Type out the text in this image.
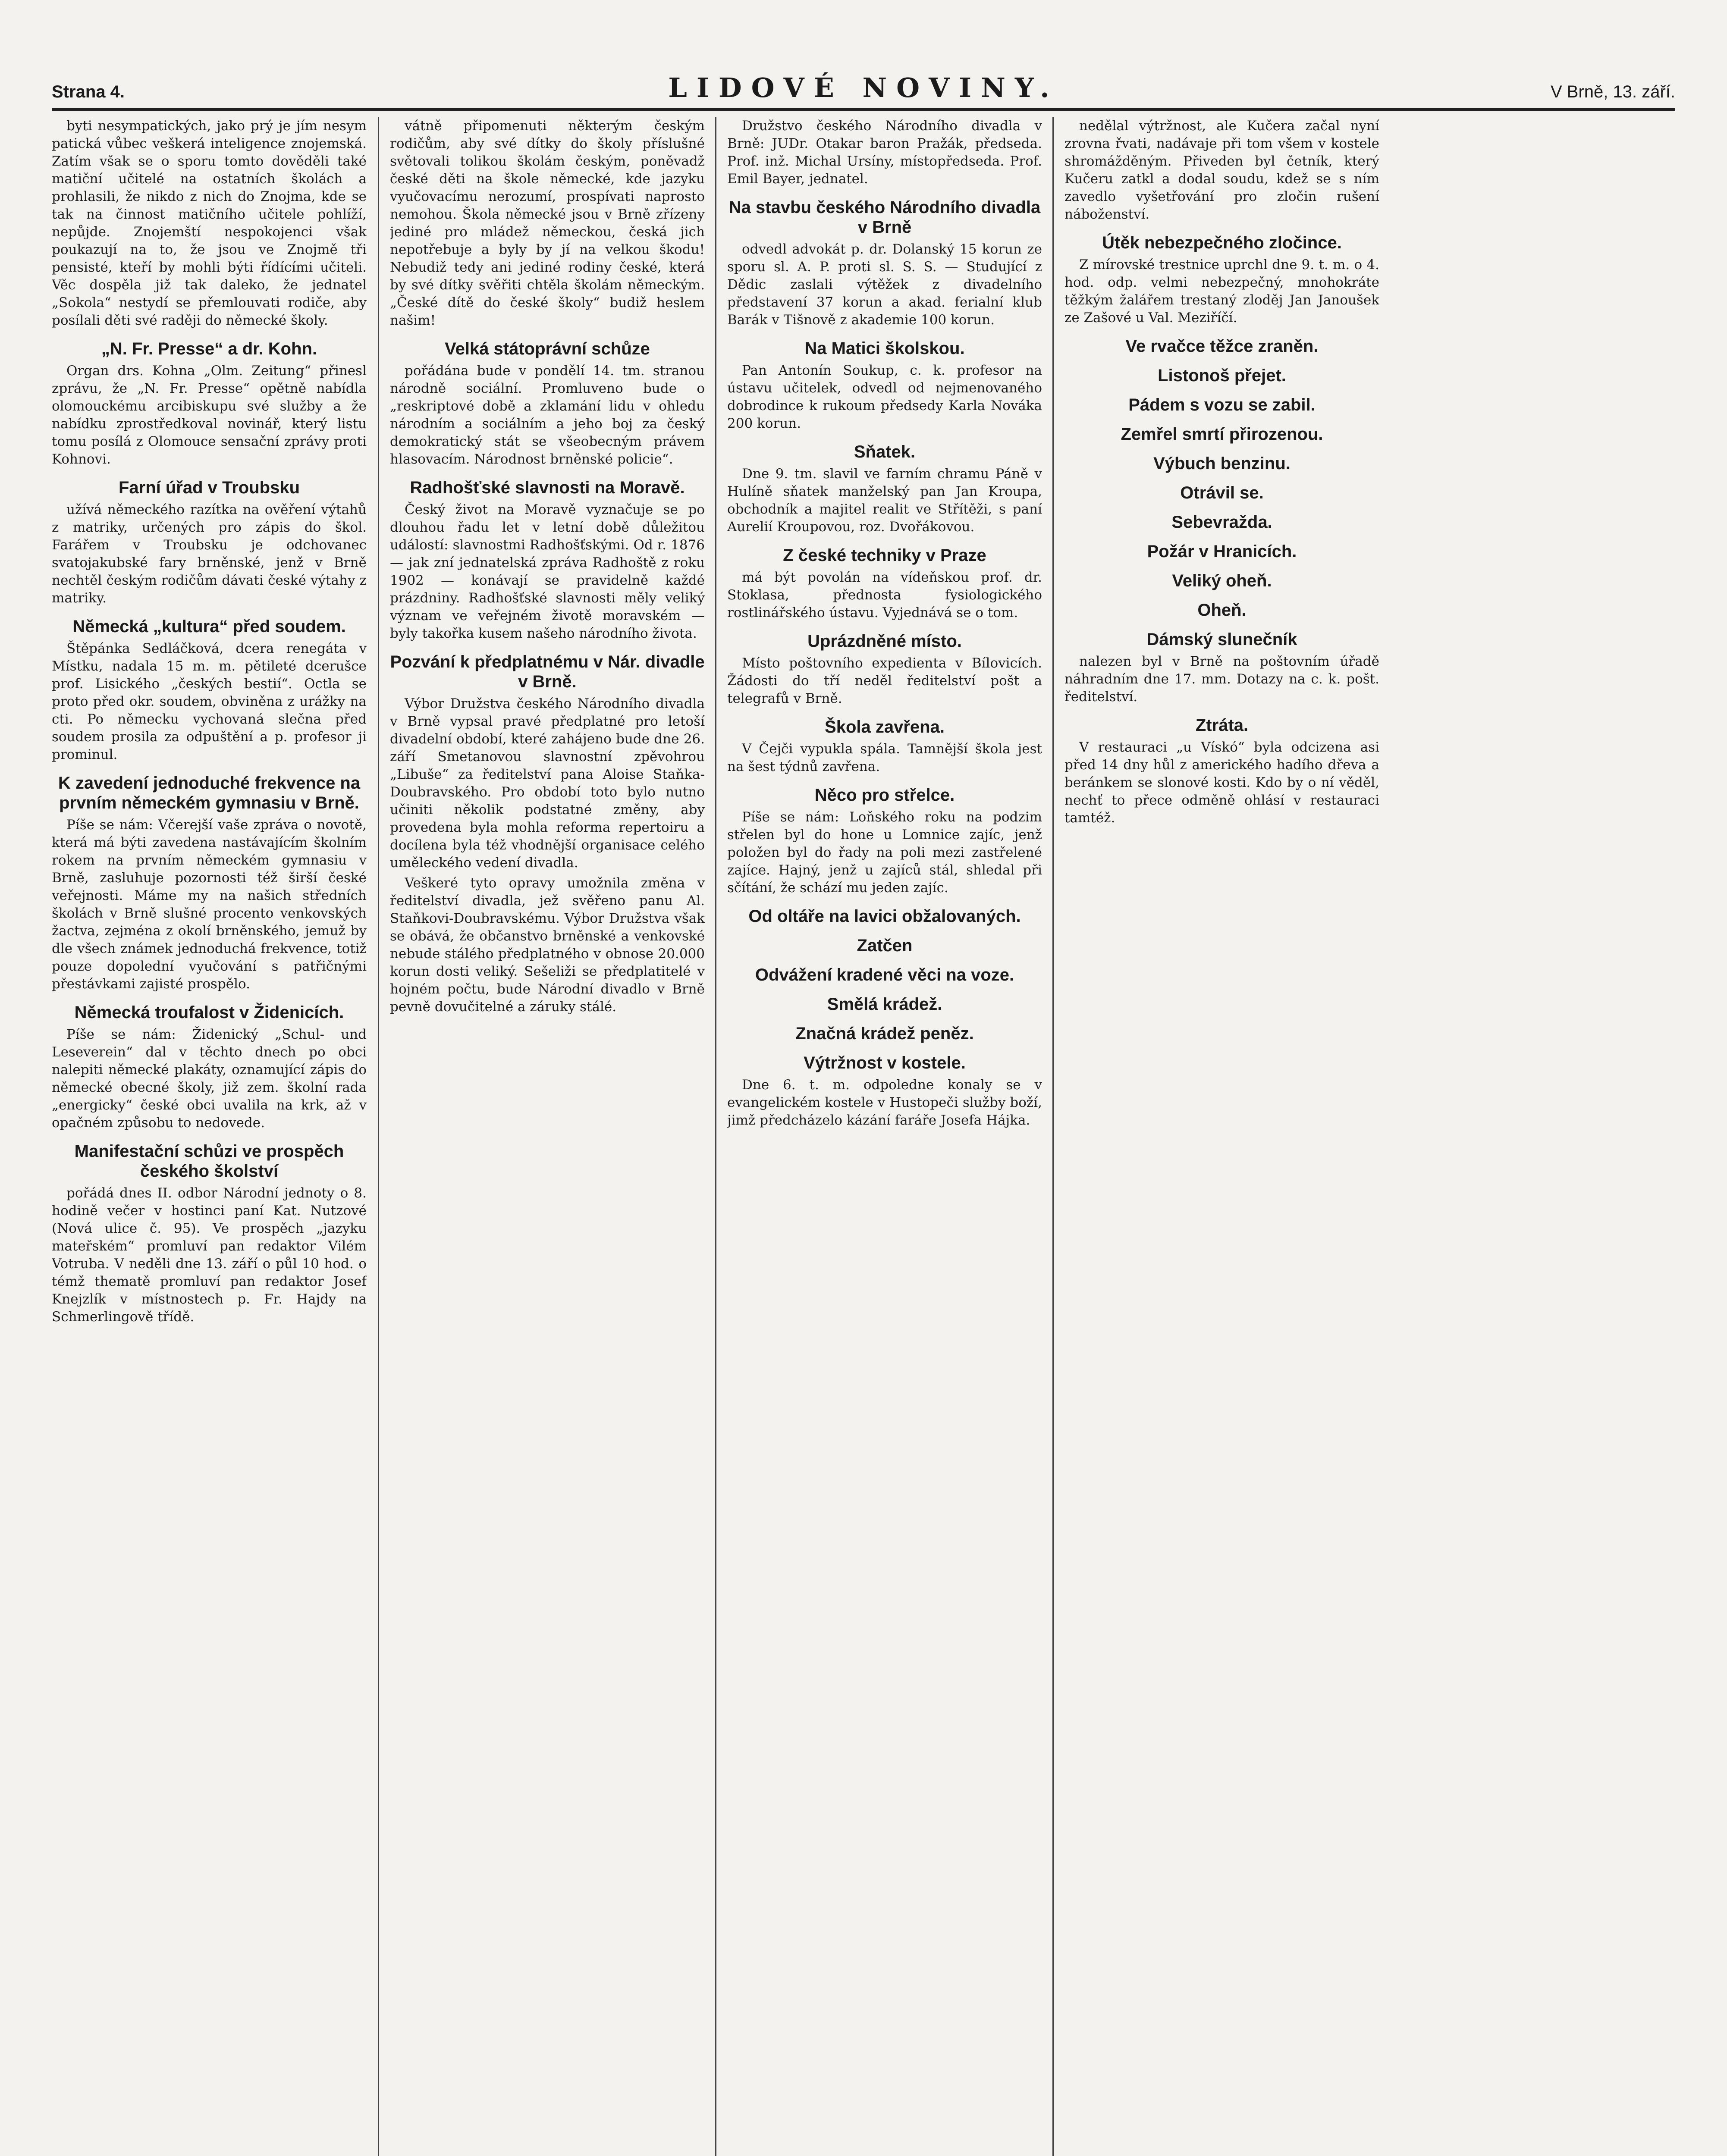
Strana 4.	LIDOVÉ NOVINY.	V Brně, 13. září.

byti nesympatických, jako prý je jím nesym patická vůbec veškerá inteligence znojemská. Zatím však se o sporu tomto dověděli také matiční učitelé na ostatních školách a prohlasili, že nikdo z nich do Znojma, kde se tak na činnost matičního učitele pohlíží, nepůjde. Znojemští nespokojenci však poukazují na to, že jsou ve Znojmě tři pensisté, kteří by mohli býti řídícími učiteli. Věc dospěla již tak daleko, že jednatel „Sokola“ nestydí se přemlouvati rodiče, aby posílali děti své raději do německé školy.

„N. Fr. Presse“ a dr. Kohn.

Organ drs. Kohna „Olm. Zeitung“ přinesl zprávu, že „N. Fr. Presse“ opětně nabídla olomouckému arcibiskupu své služby a že nabídku zprostředkoval novinář, který listu tomu posílá z Olomouce sensační zprávy proti Kohnovi.

Farní úřad v Troubsku

užívá německého razítka na ověření výtahů z matriky, určených pro zápis do škol. Farářem v Troubsku je odchovanec svatojakubské fary brněnské, jenž v Brně nechtěl českým rodičům dávati české výtahy z matriky.

Německá „kultura“ před soudem.

Štěpánka Sedláčková, dcera renegáta v Místku, nadala 15 m. m. pětileté dcerušce prof. Lisického „českých bestií“. Octla se proto před okr. soudem, obviněna z urážky na cti. Po německu vychovaná slečna před soudem prosila za odpuštění a p. profesor ji prominul.

K zavedení jednoduché frekvence na prvním německém gymnasiu v Brně.

Píše se nám: Včerejší vaše zpráva o novotě, která má býti zavedena nastávajícím školním rokem na prvním německém gymnasiu v Brně, zasluhuje pozornosti též širší české veřejnosti. Máme my na našich středních školách v Brně slušné procento venkovských žactva, zejména z okolí brněnského, jemuž by dle všech známek jednoduchá frekvence, totiž pouze dopolední vyučování s patřičnými přestávkami zajisté prospělo.

Německá troufalost v Židenicích.

Píše se nám: Židenický „Schul- und Leseverein“ dal v těchto dnech po obci nalepiti německé plakáty, oznamující zápis do německé obecné školy, již zem. školní rada „energicky“ české obci uvalila na krk, až v opačném způsobu to nedovede.

Manifestační schůzi ve prospěch českého školství

pořádá dnes II. odbor Národní jednoty o 8. hodině večer v hostinci paní Kat. Nutzové (Nová ulice č. 95). Ve prospěch „jazyku mateřském“ promluví pan redaktor Vilém Votruba. V neděli dne 13. září o půl 10 hod. o témž thematě promluví pan redaktor Josef Knejzlík v místnostech p. Fr. Hajdy na Schmerlingově třídě.

vátně připomenuti některým českým rodičům, aby své dítky do školy příslušné světovali tolikou školám českým, poněvadž české děti na škole německé, kde jazyku vyučovacímu nerozumí, prospívati naprosto nemohou. Škola německé jsou v Brně zřízeny jediné pro mládež německou, česká jich nepotřebuje a byly by jí na velkou škodu! Nebudiž tedy ani jediné rodiny české, která by své dítky svěřiti chtěla školám německým. „České dítě do české školy“ budiž heslem našim!

Velká státoprávní schůze

pořádána bude v pondělí 14. tm. stranou národně sociální. Promluveno bude o „reskriptové době a zklamání lidu v ohledu národním a sociálním a jeho boj za český demokratický stát se všeobecným právem hlasovacím. Národnost brněnské policie“.

Radhošťské slavnosti na Moravě.

Český život na Moravě vyznačuje se po dlouhou řadu let v letní době důležitou událostí: slavnostmi Radhošťskými. Od r. 1876 — jak zní jednatelská zpráva Radhoště z roku 1902 — konávají se pravidelně každé prázdniny. Radhošťské slavnosti měly veliký význam ve veřejném životě moravském — byly takořka kusem našeho národního života.

Pozvání k předplatnému v Nár. divadle v Brně.

Výbor Družstva českého Národního divadla v Brně vypsal pravé předplatné pro letoší divadelní období, které zahájeno bude dne 26. září Smetanovou slavnostní zpěvohrou „Libuše“ za ředitelství pana Aloise Staňka-Doubravského. Pro období toto bylo nutno učiniti několik podstatné změny, aby provedena byla mohla reforma repertoiru a docílena byla též vhodnější organisace celého uměleckého vedení divadla.

Veškeré tyto opravy umožnila změna v ředitelství divadla, jež svěřeno panu Al. Staňkovi-Doubravskému. Výbor Družstva však se obává, že občanstvo brněnské a venkovské nebude stálého předplatného v obnose 20.000 korun dosti veliký. Sešeliži se předplatitelé v hojném počtu, bude Národní divadlo v Brně pevně dovučitelné a záruky stálé.

Družstvo českého Národního divadla v Brně: JUDr. Otakar baron Pražák, předseda. Prof. inž. Michal Ursíny, místopředseda. Prof. Emil Bayer, jednatel.

Na stavbu českého Národního divadla v Brně

odvedl advokát p. dr. Dolanský 15 korun ze sporu sl. A. P. proti sl. S. S. — Studující z Dědic zaslali výtěžek z divadelního představení 37 korun a akad. ferialní klub Barák v Tišnově z akademie 100 korun.

Na Matici školskou.

Pan Antonín Soukup, c. k. profesor na ústavu učitelek, odvedl od nejmenovaného dobrodince k rukoum předsedy Karla Nováka 200 korun.

Sňatek.

Dne 9. tm. slavil ve farním chramu Páně v Hulíně sňatek manželský pan Jan Kroupa, obchodník a majitel realit ve Střítěži, s paní Aurelií Kroupovou, roz. Dvořákovou.

Z české techniky v Praze

má být povolán na vídeňskou prof. dr. Stoklasa, přednosta fysiologického rostlinářského ústavu. Vyjednává se o tom.

Uprázdněné místo.

Místo poštovního expedienta v Bílovicích. Žádosti do tří neděl ředitelství pošt a telegrafů v Brně.

Škola zavřena.

V Čejči vypukla spála. Tamnější škola jest na šest týdnů zavřena.

Něco pro střelce.

Píše se nám: Loňského roku na podzim střelen byl do hone u Lomnice zajíc, jenž položen byl do řady na poli mezi zastřelené zajíce. Hajný, jenž u zajíců stál, shledal při sčítání, že schází mu jeden zajíc.

Od oltáře na lavici obžalovaných.
Zatčen
Odvážení kradené věci na voze.
Smělá krádež.
Značná krádež peněz.
Výtržnost v kostele.

Dne 6. t. m. odpoledne konaly se v evangelickém kostele v Hustopeči služby boží, jimž předcházelo kázání faráře Josefa Hájka.

nedělal výtržnost, ale Kučera začal nyní zrovna řvati, nadávaje při tom všem v kostele shromážděným. Přiveden byl četník, který Kučeru zatkl a dodal soudu, kdež se s ním zavedlo vyšetřování pro zločin rušení náboženství.

Útěk nebezpečného zločince.

Z mírovské trestnice uprchl dne 9. t. m. o 4. hod. odp. velmi nebezpečný, mnohokráte těžkým žalářem trestaný zloděj Jan Janoušek ze Zašové u Val. Meziříčí.

Ve rvačce těžce zraněn.
Listonoš přejet.
Pádem s vozu se zabil.
Zemřel smrtí přirozenou.
Výbuch benzinu.
Otrávil se.
Sebevražda.
Požár v Hranicích.
Veliký oheň.
Oheň.
Dámský slunečník

nalezen byl v Brně na poštovním úřadě náhradním dne 17. mm. Dotazy na c. k. pošt. ředitelství.

Ztráta.

V restauraci „u Vískó“ byla odcizena asi před 14 dny hůl z amerického hadího dřeva a beránkem se slonové kosti. Kdo by o ní věděl, nechť to přece odměně ohlásí v restauraci tamtéž.
